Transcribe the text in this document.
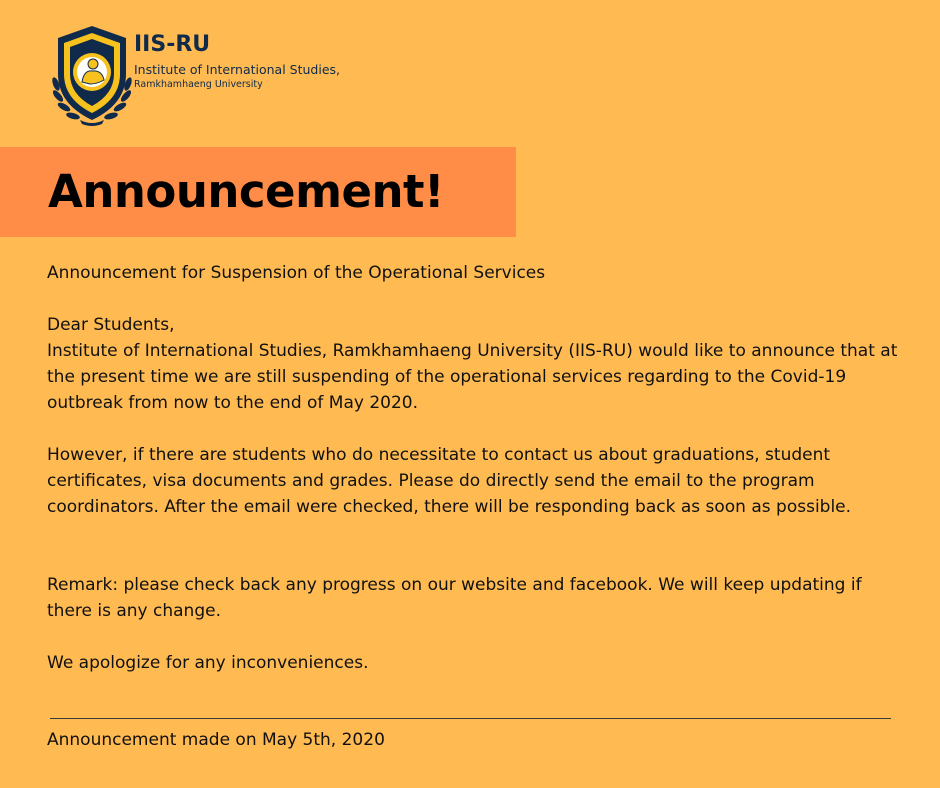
IIS-RU
Institute of International Studies,
Ramkhamhaeng University
Announcement!

Announcement for Suspension of the Operational Services

Dear Students,

Institute of International Studies, Ramkhamhaeng University (IIS-RU) would like to announce that at the present time we are still suspending of the operational services regarding to the Covid-19 outbreak from now to the end of May 2020.

However, if there are students who do necessitate to contact us about graduations, student certificates, visa documents and grades. Please do directly send the email to the program coordinators. After the email were checked, there will be responding back as soon as possible.

Remark: please check back any progress on our website and facebook. We will keep updating if there is any change.

We apologize for any inconveniences.

Announcement made on May 5th, 2020
